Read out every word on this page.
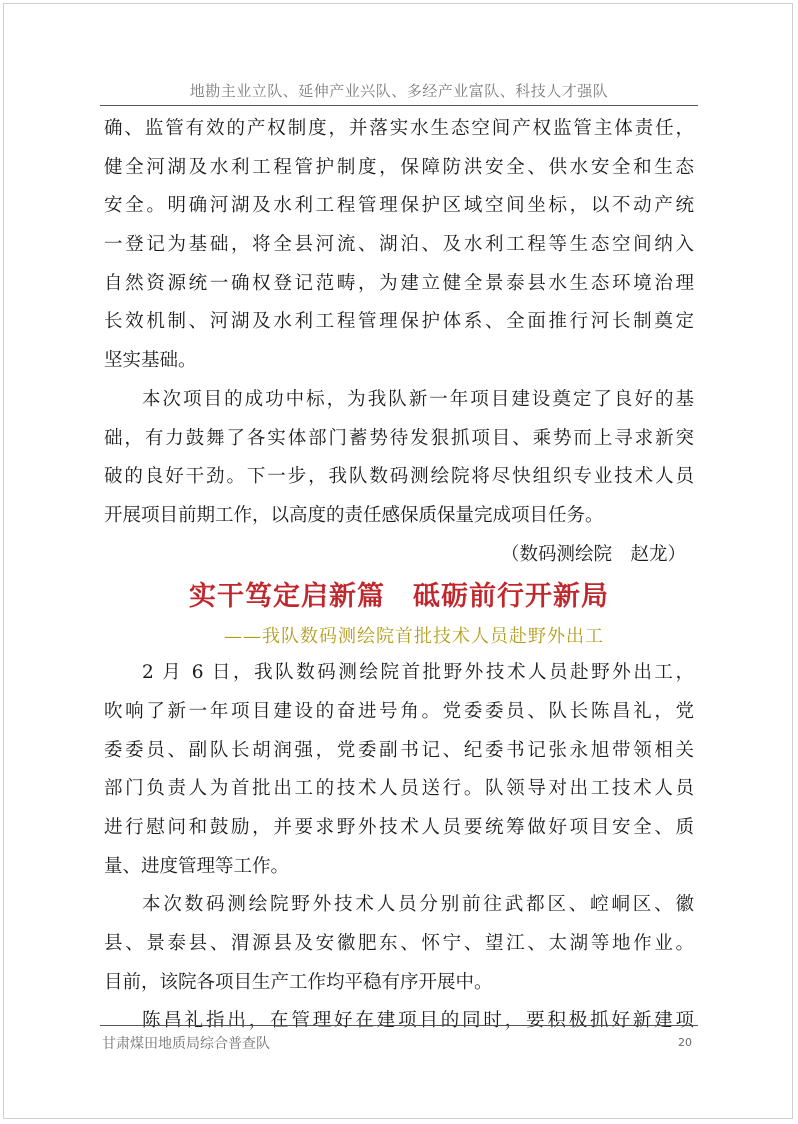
地勘主业立队、延伸产业兴队、多经产业富队、科技人才强队
确、监管有效的产权制度，并落实水生态空间产权监管主体责任，
健全河湖及水利工程管护制度，保障防洪安全、供水安全和生态
安全。明确河湖及水利工程管理保护区域空间坐标，以不动产统
一登记为基础，将全县河流、湖泊、及水利工程等生态空间纳入
自然资源统一确权登记范畴，为建立健全景泰县水生态环境治理
长效机制、河湖及水利工程管理保护体系、全面推行河长制奠定
坚实基础。
本次项目的成功中标，为我队新一年项目建设奠定了良好的基
础，有力鼓舞了各实体部门蓄势待发狠抓项目、乘势而上寻求新突
破的良好干劲。下一步，我队数码测绘院将尽快组织专业技术人员
开展项目前期工作，以高度的责任感保质保量完成项目任务。
（数码测绘院　赵龙）
实干笃定启新篇　砥砺前行开新局
——我队数码测绘院首批技术人员赴野外出工
2 月 6 日，我队数码测绘院首批野外技术人员赴野外出工，
吹响了新一年项目建设的奋进号角。党委委员、队长陈昌礼，党
委委员、副队长胡润强，党委副书记、纪委书记张永旭带领相关
部门负责人为首批出工的技术人员送行。队领导对出工技术人员
进行慰问和鼓励，并要求野外技术人员要统筹做好项目安全、质
量、进度管理等工作。
本次数码测绘院野外技术人员分别前往武都区、崆峒区、徽
县、景泰县、渭源县及安徽肥东、怀宁、望江、太湖等地作业。
目前，该院各项目生产工作均平稳有序开展中。
陈昌礼指出，在管理好在建项目的同时，要积极抓好新建项
甘肃煤田地质局综合普查队	20
